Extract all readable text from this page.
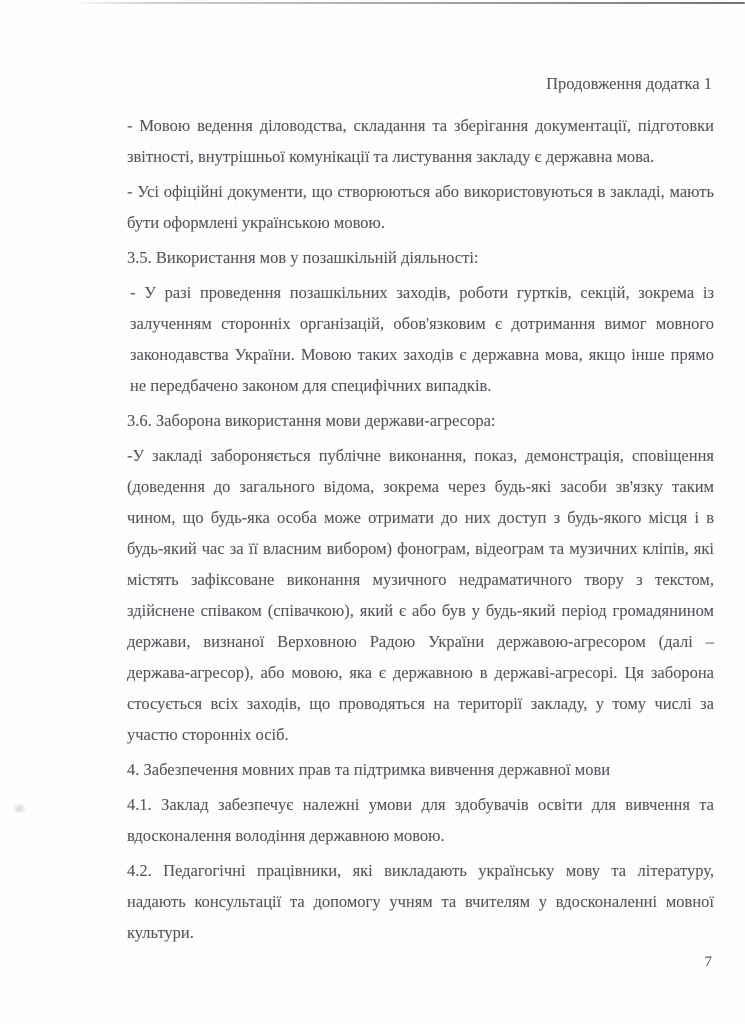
Продовження додатка 1

- Мовою ведення діловодства, складання та зберігання документації, підготовки звітності, внутрішньої комунікації та листування закладу є державна мова.

- Усі офіційні документи, що створюються або використовуються в закладі, мають бути оформлені українською мовою.

3.5. Використання мов у позашкільній діяльності:

- У разі проведення позашкільних заходів, роботи гуртків, секцій, зокрема із залученням сторонніх організацій, обов'язковим є дотримання вимог мовного законодавства України. Мовою таких заходів є державна мова, якщо інше прямо не передбачено законом для специфічних випадків.

3.6. Заборона використання мови держави-агресора:

-У закладі забороняється публічне виконання, показ, демонстрація, сповіщення (доведення до загального відома, зокрема через будь-які засоби зв'язку таким чином, що будь-яка особа може отримати до них доступ з будь-якого місця і в будь-який час за її власним вибором) фонограм, відеограм та музичних кліпів, які містять зафіксоване виконання музичного недраматичного твору з текстом, здійснене співаком (співачкою), який є або був у будь-який період громадянином держави, визнаної Верховною Радою України державою-агресором (далі – держава-агресор), або мовою, яка є державною в державі-агресорі. Ця заборона стосується всіх заходів, що проводяться на території закладу, у тому числі за участю сторонніх осіб.

4. Забезпечення мовних прав та підтримка вивчення державної мови

4.1. Заклад забезпечує належні умови для здобувачів освіти для вивчення та вдосконалення володіння державною мовою.

4.2. Педагогічні працівники, які викладають українську мову та літературу, надають консультації та допомогу учням та вчителям у вдосконаленні мовної культури.

7
